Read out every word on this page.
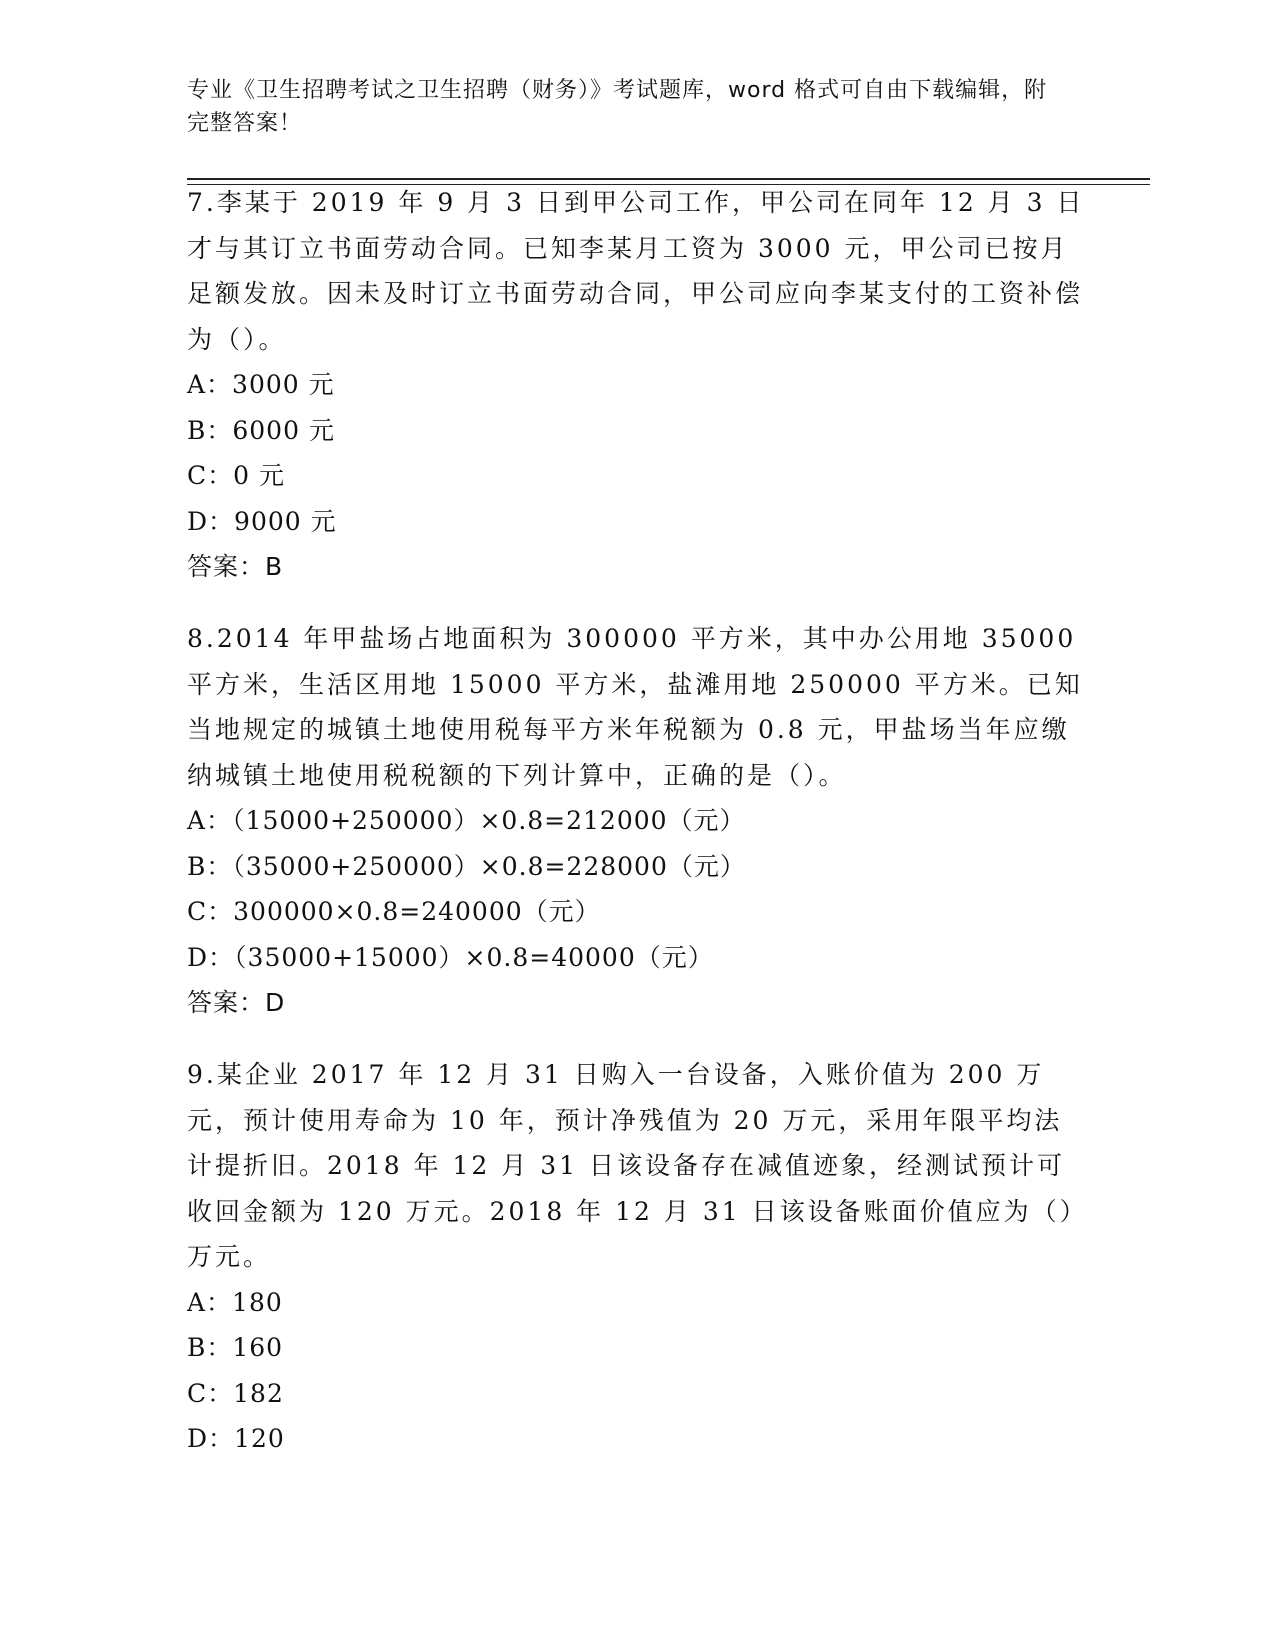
专业《卫生招聘考试之卫生招聘（财务）》考试题库，word 格式可自由下载编辑，附完整答案！

7.李某于 2019 年 9 月 3 日到甲公司工作，甲公司在同年 12 月 3 日才与其订立书面劳动合同。已知李某月工资为 3000 元，甲公司已按月足额发放。因未及时订立书面劳动合同，甲公司应向李某支付的工资补偿为（）。

A：3000 元
B：6000 元
C：0 元
D：9000 元
答案：B

8.2014 年甲盐场占地面积为 300000 平方米，其中办公用地 35000 平方米，生活区用地 15000 平方米，盐滩用地 250000 平方米。已知当地规定的城镇土地使用税每平方米年税额为 0.8 元，甲盐场当年应缴纳城镇土地使用税税额的下列计算中，正确的是（）。

A：（15000+250000）×0.8=212000（元）
B：（35000+250000）×0.8=228000（元）
C：300000×0.8=240000（元）
D：（35000+15000）×0.8=40000（元）
答案：D

9.某企业 2017 年 12 月 31 日购入一台设备，入账价值为 200 万元，预计使用寿命为 10 年，预计净残值为 20 万元，采用年限平均法计提折旧。2018 年 12 月 31 日该设备存在减值迹象，经测试预计可收回金额为 120 万元。2018 年 12 月 31 日该设备账面价值应为（）万元。

A：180
B：160
C：182
D：120
